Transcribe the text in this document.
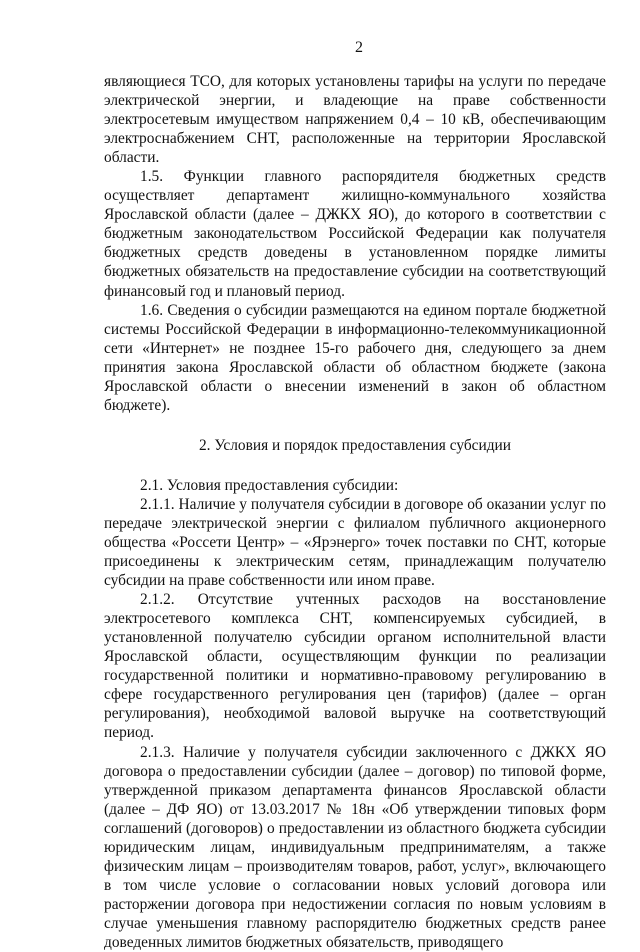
2

являющиеся ТСО, для которых установлены тарифы на услуги по передаче электрической энергии, и владеющие на праве собственности электросетевым имуществом напряжением 0,4 – 10 кВ, обеспечивающим электроснабжением СНТ, расположенные на территории Ярославской области.

1.5. Функции главного распорядителя бюджетных средств осуществляет департамент жилищно-коммунального хозяйства Ярославской области (далее – ДЖКХ ЯО), до которого в соответствии с бюджетным законодательством Российской Федерации как получателя бюджетных средств доведены в установленном порядке лимиты бюджетных обязательств на предоставление субсидии на соответствующий финансовый год и плановый период.

1.6. Сведения о субсидии размещаются на едином портале бюджетной системы Российской Федерации в информационно-телекоммуникационной сети «Интернет» не позднее 15-го рабочего дня, следующего за днем принятия закона Ярославской области об областном бюджете (закона Ярославской области о внесении изменений в закон об областном бюджете).

2. Условия и порядок предоставления субсидии

2.1. Условия предоставления субсидии:

2.1.1. Наличие у получателя субсидии в договоре об оказании услуг по передаче электрической энергии с филиалом публичного акционерного общества «Россети Центр» – «Ярэнерго» точек поставки по СНТ, которые присоединены к электрическим сетям, принадлежащим получателю субсидии на праве собственности или ином праве.

2.1.2. Отсутствие учтенных расходов на восстановление электросетевого комплекса СНТ, компенсируемых субсидией, в установленной получателю субсидии органом исполнительной власти Ярославской области, осуществляющим функции по реализации государственной политики и нормативно-правовому регулированию в сфере государственного регулирования цен (тарифов) (далее – орган регулирования), необходимой валовой выручке на соответствующий период.

2.1.3. Наличие у получателя субсидии заключенного с ДЖКХ ЯО договора о предоставлении субсидии (далее – договор) по типовой форме, утвержденной приказом департамента финансов Ярославской области (далее – ДФ ЯО) от 13.03.2017 № 18н «Об утверждении типовых форм соглашений (договоров) о предоставлении из областного бюджета субсидии юридическим лицам, индивидуальным предпринимателям, а также физическим лицам – производителям товаров, работ, услуг», включающего в том числе условие о согласовании новых условий договора или расторжении договора при недостижении согласия по новым условиям в случае уменьшения главному распорядителю бюджетных средств ранее доведенных лимитов бюджетных обязательств, приводящего
